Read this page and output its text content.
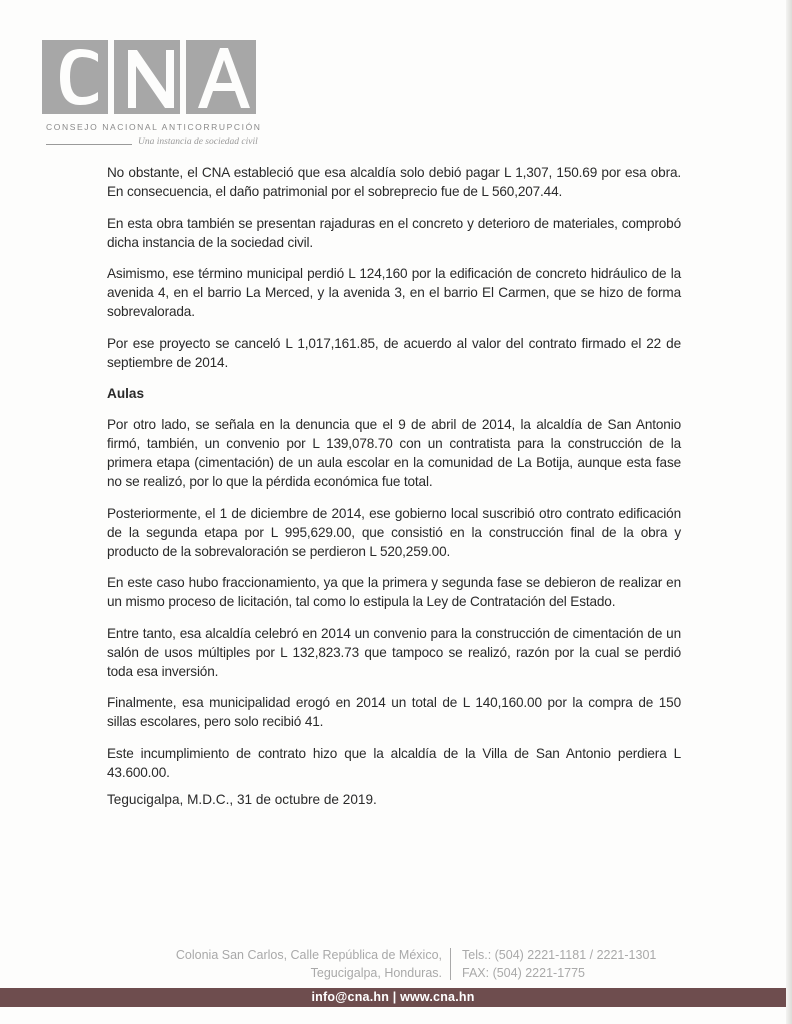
CONSEJO NACIONAL ANTICORRUPCIÓN
Una instancia de sociedad civil

No obstante, el CNA estableció que esa alcaldía solo debió pagar L 1,307, 150.69 por esa obra. En consecuencia, el daño patrimonial por el sobreprecio fue de L 560,207.44.

En esta obra también se presentan rajaduras en el concreto y deterioro de materiales, comprobó dicha instancia de la sociedad civil.

Asimismo, ese término municipal perdió L 124,160 por la edificación de concreto hidráulico de la avenida 4, en el barrio La Merced, y la avenida 3, en el barrio El Carmen, que se hizo de forma sobrevalorada.

Por ese proyecto se canceló L 1,017,161.85, de acuerdo al valor del contrato firmado el 22 de septiembre de 2014.

Aulas

Por otro lado, se señala en la denuncia que el 9 de abril de 2014, la alcaldía de San Antonio firmó, también, un convenio por L 139,078.70 con un contratista para la construcción de la primera etapa (cimentación) de un aula escolar en la comunidad de La Botija, aunque esta fase no se realizó, por lo que la pérdida económica fue total.

Posteriormente, el 1 de diciembre de 2014, ese gobierno local suscribió otro contrato edificación de la segunda etapa por L 995,629.00, que consistió en la construcción final de la obra y producto de la sobrevaloración se perdieron L 520,259.00.

En este caso hubo fraccionamiento, ya que la primera y segunda fase se debieron de realizar en un mismo proceso de licitación, tal como lo estipula la Ley de Contratación del Estado.

Entre tanto, esa alcaldía celebró en 2014 un convenio para la construcción de cimentación de un salón de usos múltiples por L 132,823.73 que tampoco se realizó, razón por la cual se perdió toda esa inversión.

Finalmente, esa municipalidad erogó en 2014 un total de L 140,160.00 por la compra de 150 sillas escolares, pero solo recibió 41.

Este incumplimiento de contrato hizo que la alcaldía de la Villa de San Antonio perdiera L 43.600.00.

Tegucigalpa, M.D.C., 31 de octubre de 2019.
Colonia San Carlos, Calle República de México,
Tegucigalpa, Honduras.
Tels.: (504) 2221-1181 / 2221-1301
FAX: (504) 2221-1775
info@cna.hn | www.cna.hn
